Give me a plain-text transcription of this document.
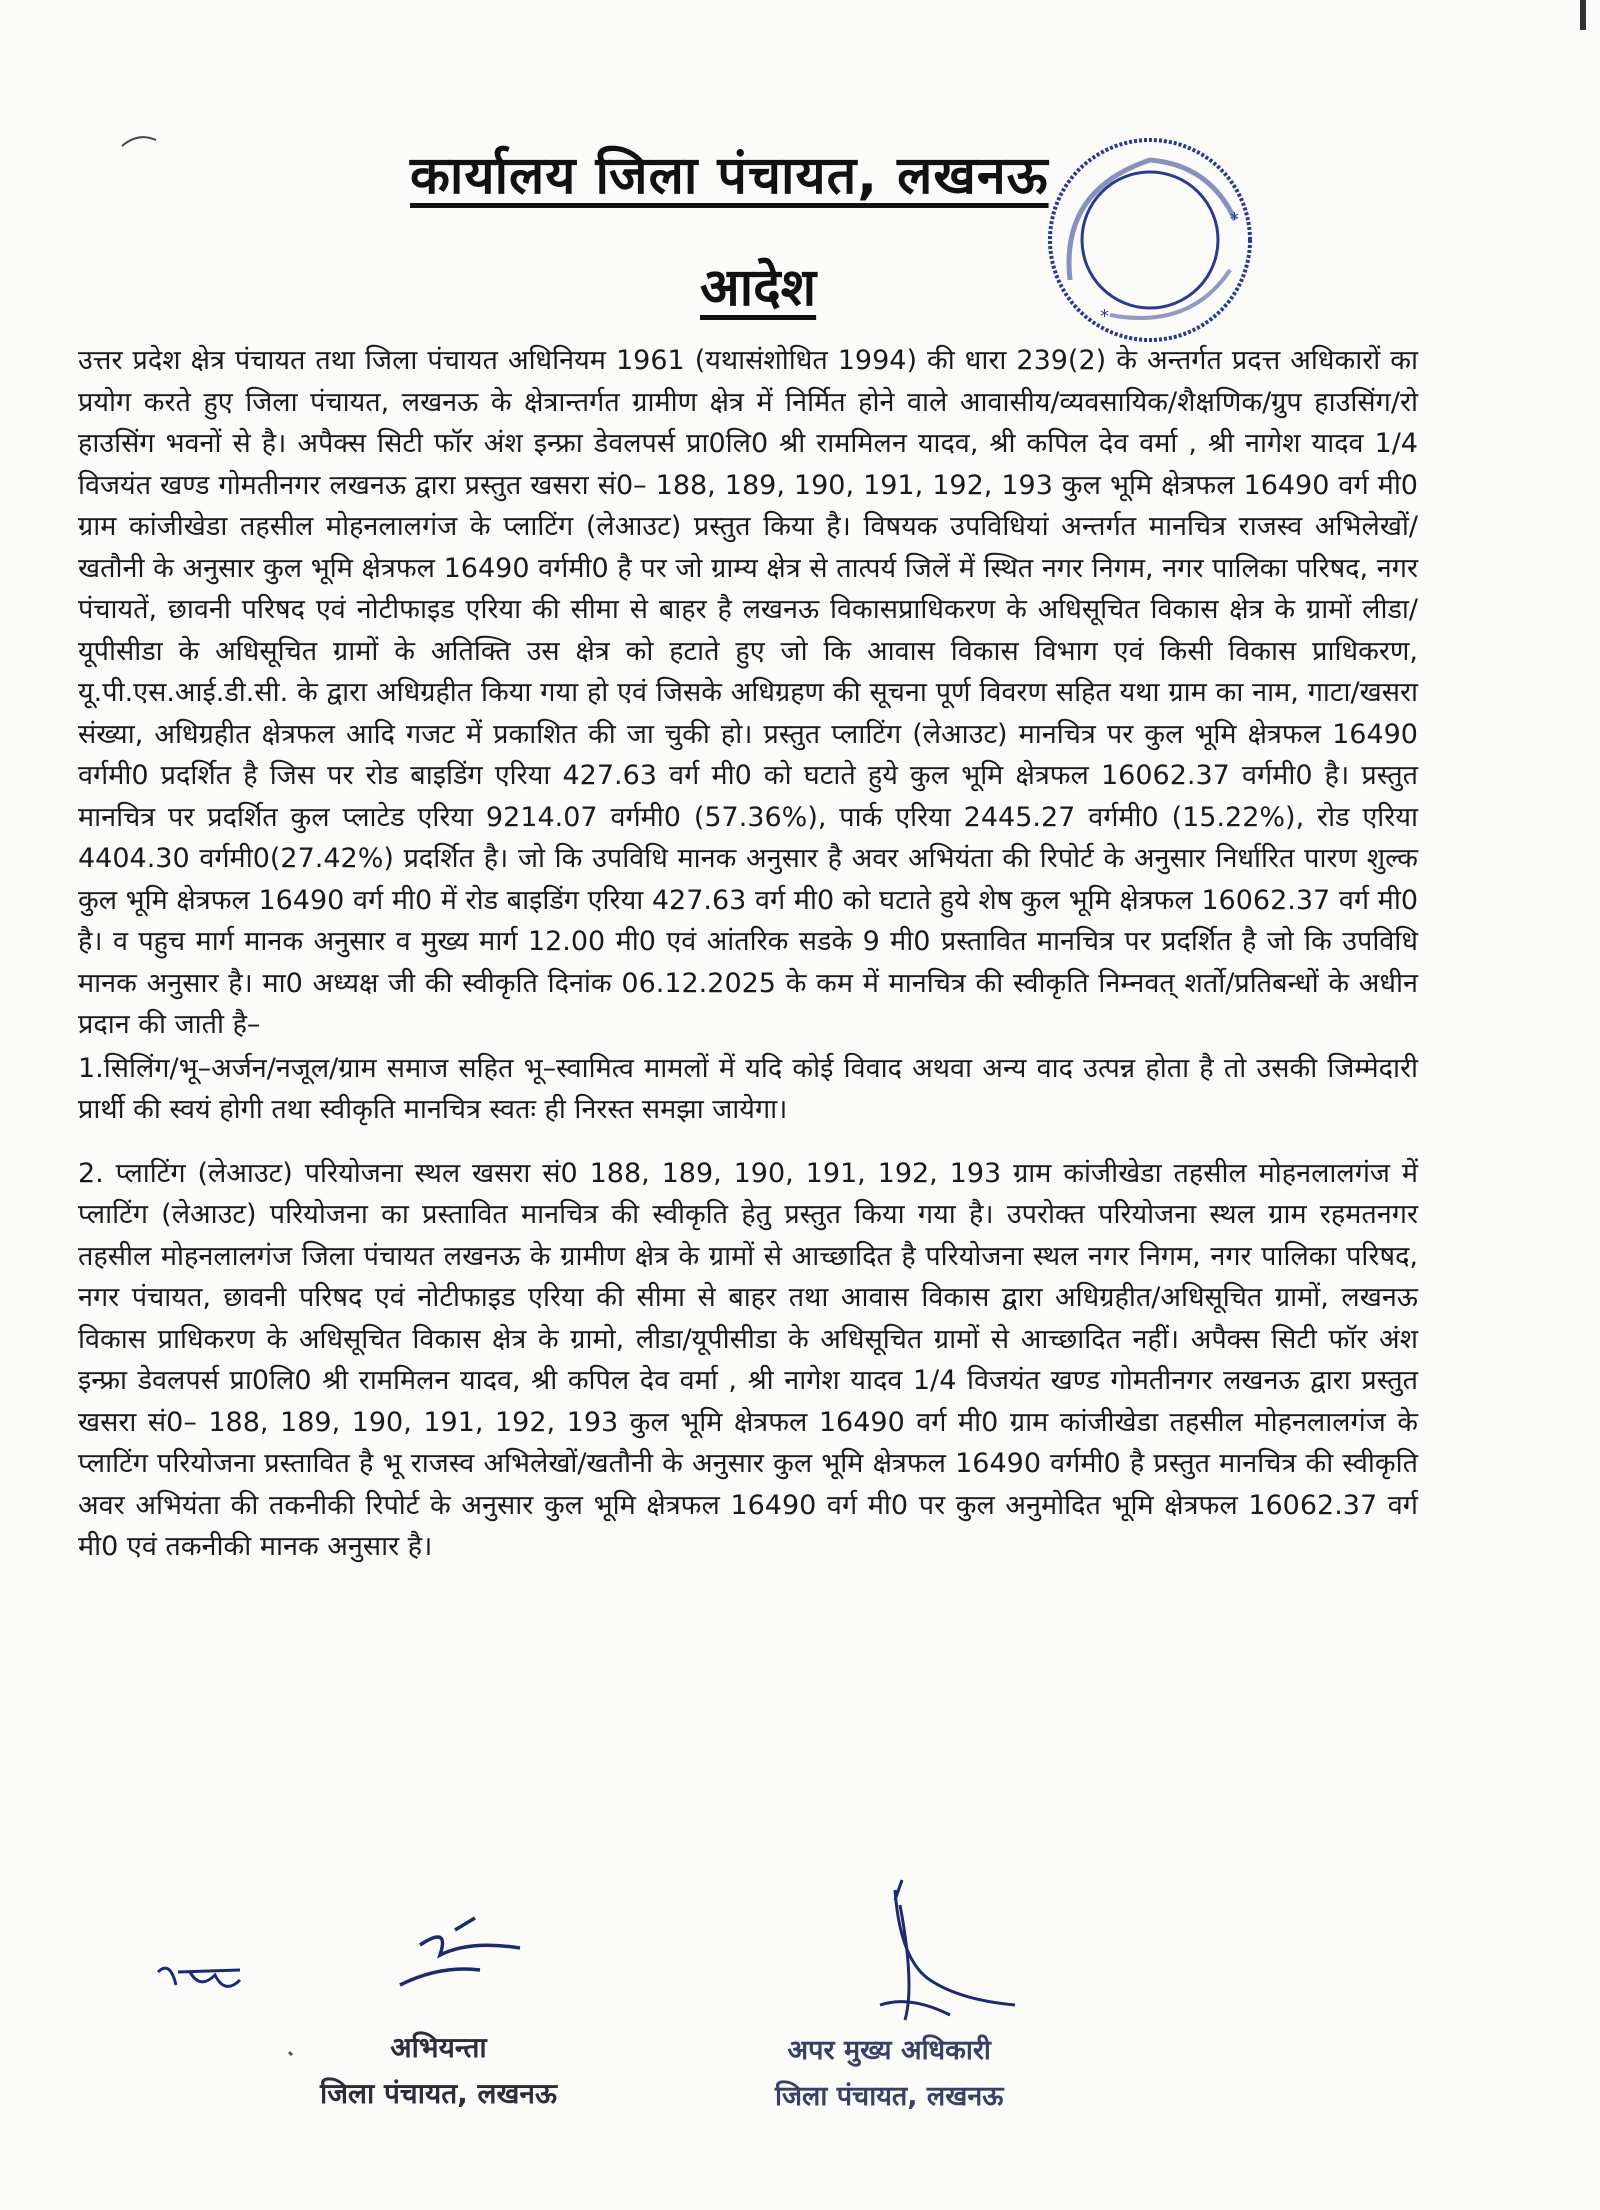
कार्यालय जिला पंचायत, लखनऊ
आदेश
*
*

उत्तर प्रदेश क्षेत्र पंचायत तथा जिला पंचायत अधिनियम 1961 (यथासंशोधित 1994) की धारा 239(2) के अन्तर्गत प्रदत्त अधिकारों का प्रयोग करते हुए जिला पंचायत, लखनऊ के क्षेत्रान्तर्गत ग्रामीण क्षेत्र में निर्मित होने वाले आवासीय/व्यवसायिक/शैक्षणिक/ग्रुप हाउसिंग/रो हाउसिंग भवनों से है। अपैक्स सिटी फॉर अंश इन्फ्रा डेवलपर्स प्रा0लि0 श्री राममिलन यादव, श्री कपिल देव वर्मा , श्री नागेश यादव 1/4 विजयंत खण्ड गोमतीनगर लखनऊ द्वारा प्रस्तुत खसरा सं0– 188, 189, 190, 191, 192, 193 कुल भूमि क्षेत्रफल 16490 वर्ग मी0 ग्राम कांजीखेडा तहसील मोहनलालगंज के प्लाटिंग (लेआउट) प्रस्तुत किया है। विषयक उपविधियां अन्तर्गत मानचित्र राजस्व अभिलेखों/खतौनी के अनुसार कुल भूमि क्षेत्रफल 16490 वर्गमी0 है पर जो ग्राम्य क्षेत्र से तात्पर्य जिलें में स्थित नगर निगम, नगर पालिका परिषद, नगर पंचायतें, छावनी परिषद एवं नोटीफाइड एरिया की सीमा से बाहर है लखनऊ विकासप्राधिकरण के अधिसूचित विकास क्षेत्र के ग्रामों लीडा/यूपीसीडा के अधिसूचित ग्रामों के अतिक्ति उस क्षेत्र को हटाते हुए जो कि आवास विकास विभाग एवं किसी विकास प्राधिकरण, यू.पी.एस.आई.डी.सी. के द्वारा अधिग्रहीत किया गया हो एवं जिसके अधिग्रहण की सूचना पूर्ण विवरण सहित यथा ग्राम का नाम, गाटा/खसरा संख्या, अधिग्रहीत क्षेत्रफल आदि गजट में प्रकाशित की जा चुकी हो। प्रस्तुत प्लाटिंग (लेआउट) मानचित्र पर कुल भूमि क्षेत्रफल 16490 वर्गमी0 प्रदर्शित है जिस पर रोड बाइडिंग एरिया 427.63 वर्ग मी0 को घटाते हुये कुल भूमि क्षेत्रफल 16062.37 वर्गमी0 है। प्रस्तुत मानचित्र पर प्रदर्शित कुल प्लाटेड एरिया 9214.07 वर्गमी0 (57.36%), पार्क एरिया 2445.27 वर्गमी0 (15.22%), रोड एरिया 4404.30 वर्गमी0(27.42%) प्रदर्शित है। जो कि उपविधि मानक अनुसार है अवर अभियंता की रिपोर्ट के अनुसार निर्धारित पारण शुल्क कुल भूमि क्षेत्रफल 16490 वर्ग मी0 में रोड बाइडिंग एरिया 427.63 वर्ग मी0 को घटाते हुये शेष कुल भूमि क्षेत्रफल 16062.37 वर्ग मी0 है। व पहुच मार्ग मानक अनुसार व मुख्य मार्ग 12.00 मी0 एवं आंतरिक सडके 9 मी0 प्रस्तावित मानचित्र पर प्रदर्शित है जो कि उपविधि मानक अनुसार है। मा0 अध्यक्ष जी की स्वीकृति दिनांक 06.12.2025 के कम में मानचित्र की स्वीकृति निम्नवत् शर्तो/प्रतिबन्धों के अधीन प्रदान की जाती है–

1.सिलिंग/भू–अर्जन/नजूल/ग्राम समाज सहित भू–स्वामित्व मामलों में यदि कोई विवाद अथवा अन्य वाद उत्पन्न होता है तो उसकी जिम्मेदारी प्रार्थी की स्वयं होगी तथा स्वीकृति मानचित्र स्वतः ही निरस्त समझा जायेगा।

2. प्लाटिंग (लेआउट) परियोजना स्थल खसरा सं0 188, 189, 190, 191, 192, 193 ग्राम कांजीखेडा तहसील मोहनलालगंज में प्लाटिंग (लेआउट) परियोजना का प्रस्तावित मानचित्र की स्वीकृति हेतु प्रस्तुत किया गया है। उपरोक्त परियोजना स्थल ग्राम रहमतनगर तहसील मोहनलालगंज जिला पंचायत लखनऊ के ग्रामीण क्षेत्र के ग्रामों से आच्छादित है परियोजना स्थल नगर निगम, नगर पालिका परिषद, नगर पंचायत, छावनी परिषद एवं नोटीफाइड एरिया की सीमा से बाहर तथा आवास विकास द्वारा अधिग्रहीत/अधिसूचित ग्रामों, लखनऊ विकास प्राधिकरण के अधिसूचित विकास क्षेत्र के ग्रामो, लीडा/यूपीसीडा के अधिसूचित ग्रामों से आच्छादित नहीं। अपैक्स सिटी फॉर अंश इन्फ्रा डेवलपर्स प्रा0लि0 श्री राममिलन यादव, श्री कपिल देव वर्मा , श्री नागेश यादव 1/4 विजयंत खण्ड गोमतीनगर लखनऊ द्वारा प्रस्तुत खसरा सं0– 188, 189, 190, 191, 192, 193 कुल भूमि क्षेत्रफल 16490 वर्ग मी0 ग्राम कांजीखेडा तहसील मोहनलालगंज के प्लाटिंग परियोजना प्रस्तावित है भू राजस्व अभिलेखों/खतौनी के अनुसार कुल भूमि क्षेत्रफल 16490 वर्गमी0 है प्रस्तुत मानचित्र की स्वीकृति अवर अभियंता की तकनीकी रिपोर्ट के अनुसार कुल भूमि क्षेत्रफल 16490 वर्ग मी0 पर कुल अनुमोदित भूमि क्षेत्रफल 16062.37 वर्ग मी0 एवं तकनीकी मानक अनुसार है।

अभियन्ता
जिला पंचायत, लखनऊ
अपर मुख्य अधिकारी
जिला पंचायत, लखनऊ
